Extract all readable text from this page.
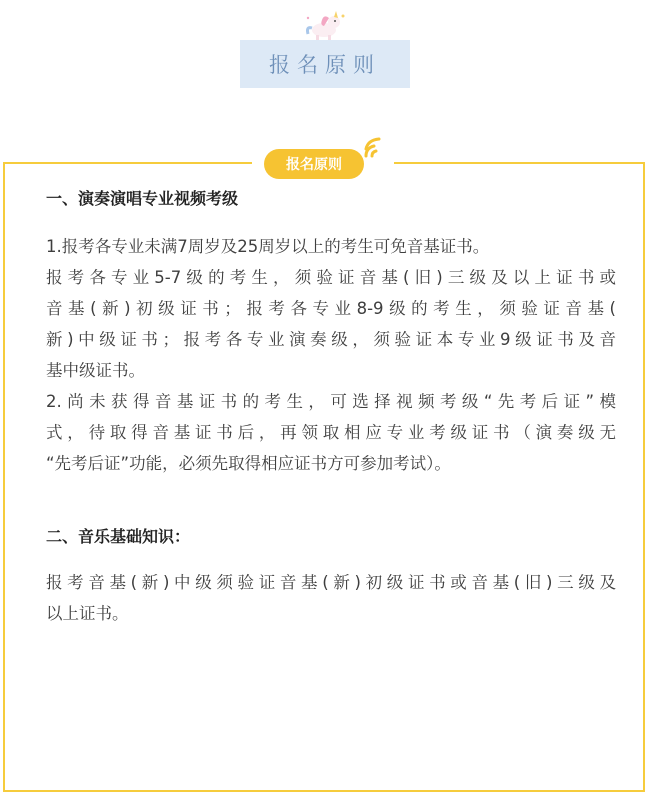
报名原则
报名原则
一、演奏演唱专业视频考级

1.报考各专业未满7周岁及25周岁以上的考生可免音基证书。

报考各专业5-7级的考生，须验证音基(旧)三级及以上证书或
音基(新)初级证书；报考各专业8-9级的考生，须验证音基(
新)中级证书；报考各专业演奏级，须验证本专业9级证书及音
基中级证书。

2.尚未获得音基证书的考生，可选择视频考级“先考后证”模
式，待取得音基证书后，再领取相应专业考级证书（演奏级无
“先考后证”功能，必须先取得相应证书方可参加考试）。

二、音乐基础知识：

报考音基(新)中级须验证音基(新)初级证书或音基(旧)三级及
以上证书。
